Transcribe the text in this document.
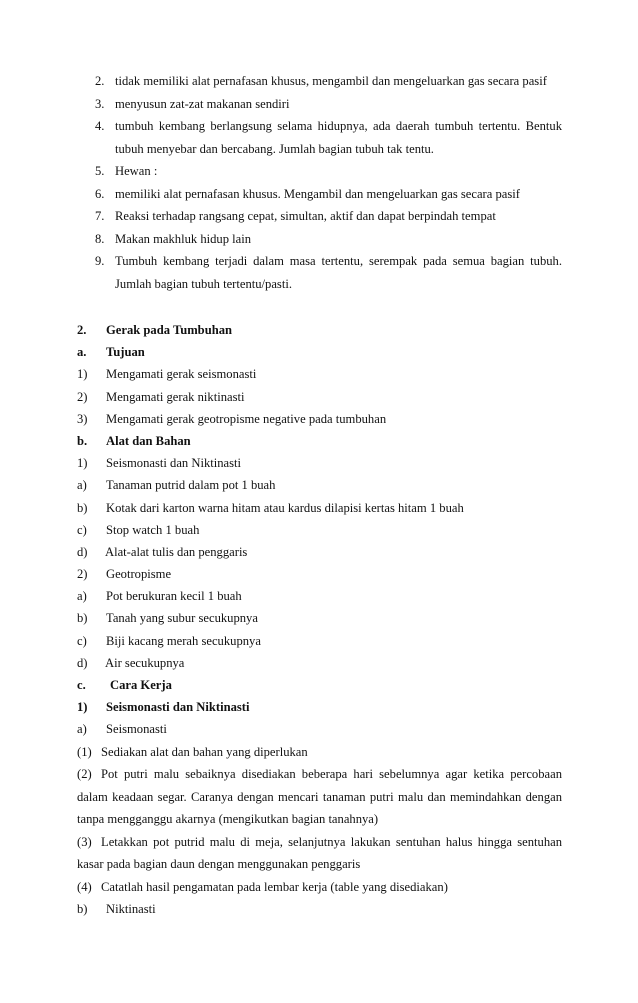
2. tidak memiliki alat pernafasan khusus, mengambil dan mengeluarkan gas secara pasif
3. menyusun zat-zat makanan sendiri
4. tumbuh kembang berlangsung selama hidupnya, ada daerah tumbuh tertentu. Bentuk tubuh menyebar dan bercabang. Jumlah bagian tubuh tak tentu.
5. Hewan :
6. memiliki alat pernafasan khusus. Mengambil dan mengeluarkan gas secara pasif
7. Reaksi terhadap rangsang cepat, simultan, aktif dan dapat berpindah tempat
8. Makan makhluk hidup lain
9. Tumbuh kembang terjadi dalam masa tertentu, serempak pada semua bagian tubuh. Jumlah bagian tubuh tertentu/pasti.
2. Gerak pada Tumbuhan
a. Tujuan
1) Mengamati gerak seismonasti
2) Mengamati gerak niktinasti
3) Mengamati gerak geotropisme negative pada tumbuhan
b. Alat dan Bahan
1) Seismonasti dan Niktinasti
a) Tanaman putrid dalam pot 1 buah
b) Kotak dari karton warna hitam atau kardus dilapisi kertas hitam 1 buah
c) Stop watch 1 buah
d) Alat-alat tulis dan penggaris
2) Geotropisme
a) Pot berukuran kecil 1 buah
b) Tanah yang subur secukupnya
c) Biji kacang merah secukupnya
d) Air secukupnya
c. Cara Kerja
1) Seismonasti dan Niktinasti
a) Seismonasti
(1) Sediakan alat dan bahan yang diperlukan
(2) Pot putri malu sebaiknya disediakan beberapa hari sebelumnya agar ketika percobaan dalam keadaan segar. Caranya dengan mencari tanaman putri malu dan memindahkan dengan tanpa mengganggu akarnya (mengikutkan bagian tanahnya)
(3) Letakkan pot putrid malu di meja, selanjutnya lakukan sentuhan halus hingga sentuhan kasar pada bagian daun dengan menggunakan penggaris
(4) Catatlah hasil pengamatan pada lembar kerja (table yang disediakan)
b) Niktinasti
